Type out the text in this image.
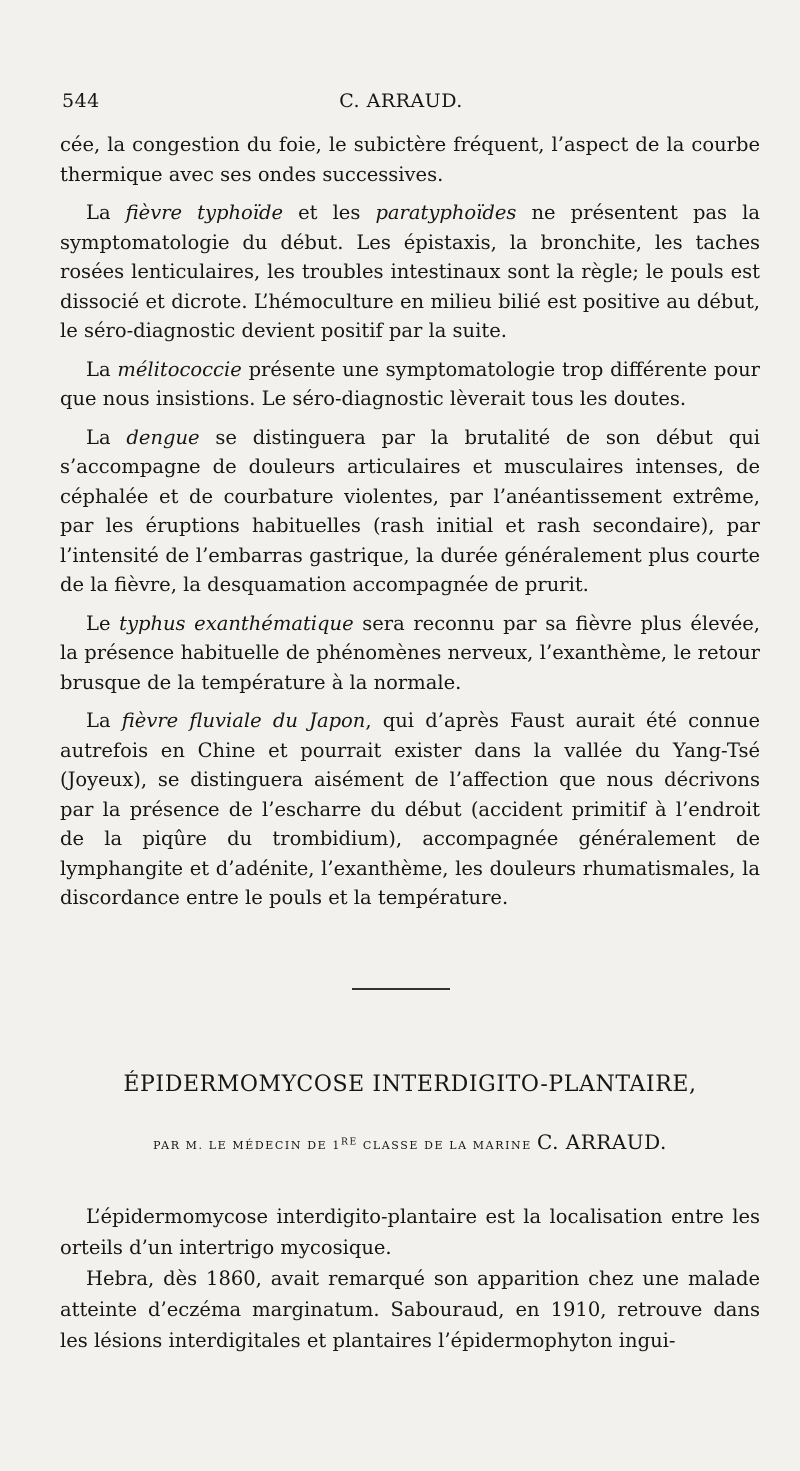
544	C. ARRAUD.

cée, la congestion du foie, le subictère fréquent, l’aspect de la courbe thermique avec ses ondes successives.

La fièvre typhoïde et les paratyphoïdes ne présentent pas la symptomatologie du début. Les épistaxis, la bronchite, les taches rosées lenticulaires, les troubles intestinaux sont la règle; le pouls est dissocié et dicrote. L’hémoculture en milieu bilié est positive au début, le séro-diagnostic devient positif par la suite.

La mélitococcie présente une symptomatologie trop différente pour que nous insistions. Le séro-diagnostic lèverait tous les doutes.

La dengue se distinguera par la brutalité de son début qui s’accompagne de douleurs articulaires et musculaires intenses, de céphalée et de courbature violentes, par l’anéantissement extrême, par les éruptions habituelles (rash initial et rash secondaire), par l’intensité de l’embarras gastrique, la durée généralement plus courte de la fièvre, la desquamation accompagnée de prurit.

Le typhus exanthématique sera reconnu par sa fièvre plus élevée, la présence habituelle de phénomènes nerveux, l’exanthème, le retour brusque de la température à la normale.

La fièvre fluviale du Japon, qui d’après Faust aurait été connue autrefois en Chine et pourrait exister dans la vallée du Yang-Tsé (Joyeux), se distinguera aisément de l’affection que nous décrivons par la présence de l’escharre du début (accident primitif à l’endroit de la piqûre du trombidium), accompagnée généralement de lymphangite et d’adénite, l’exanthème, les douleurs rhumatismales, la discordance entre le pouls et la température.

ÉPIDERMOMYCOSE INTERDIGITO-PLANTAIRE,
PAR M. LE MÉDECIN DE 1RE CLASSE DE LA MARINE C. ARRAUD.

L’épidermomycose interdigito-plantaire est la localisation entre les orteils d’un intertrigo mycosique.

Hebra, dès 1860, avait remarqué son apparition chez une malade atteinte d’eczéma marginatum. Sabouraud, en 1910, retrouve dans les lésions interdigitales et plantaires l’épidermophyton ingui-
